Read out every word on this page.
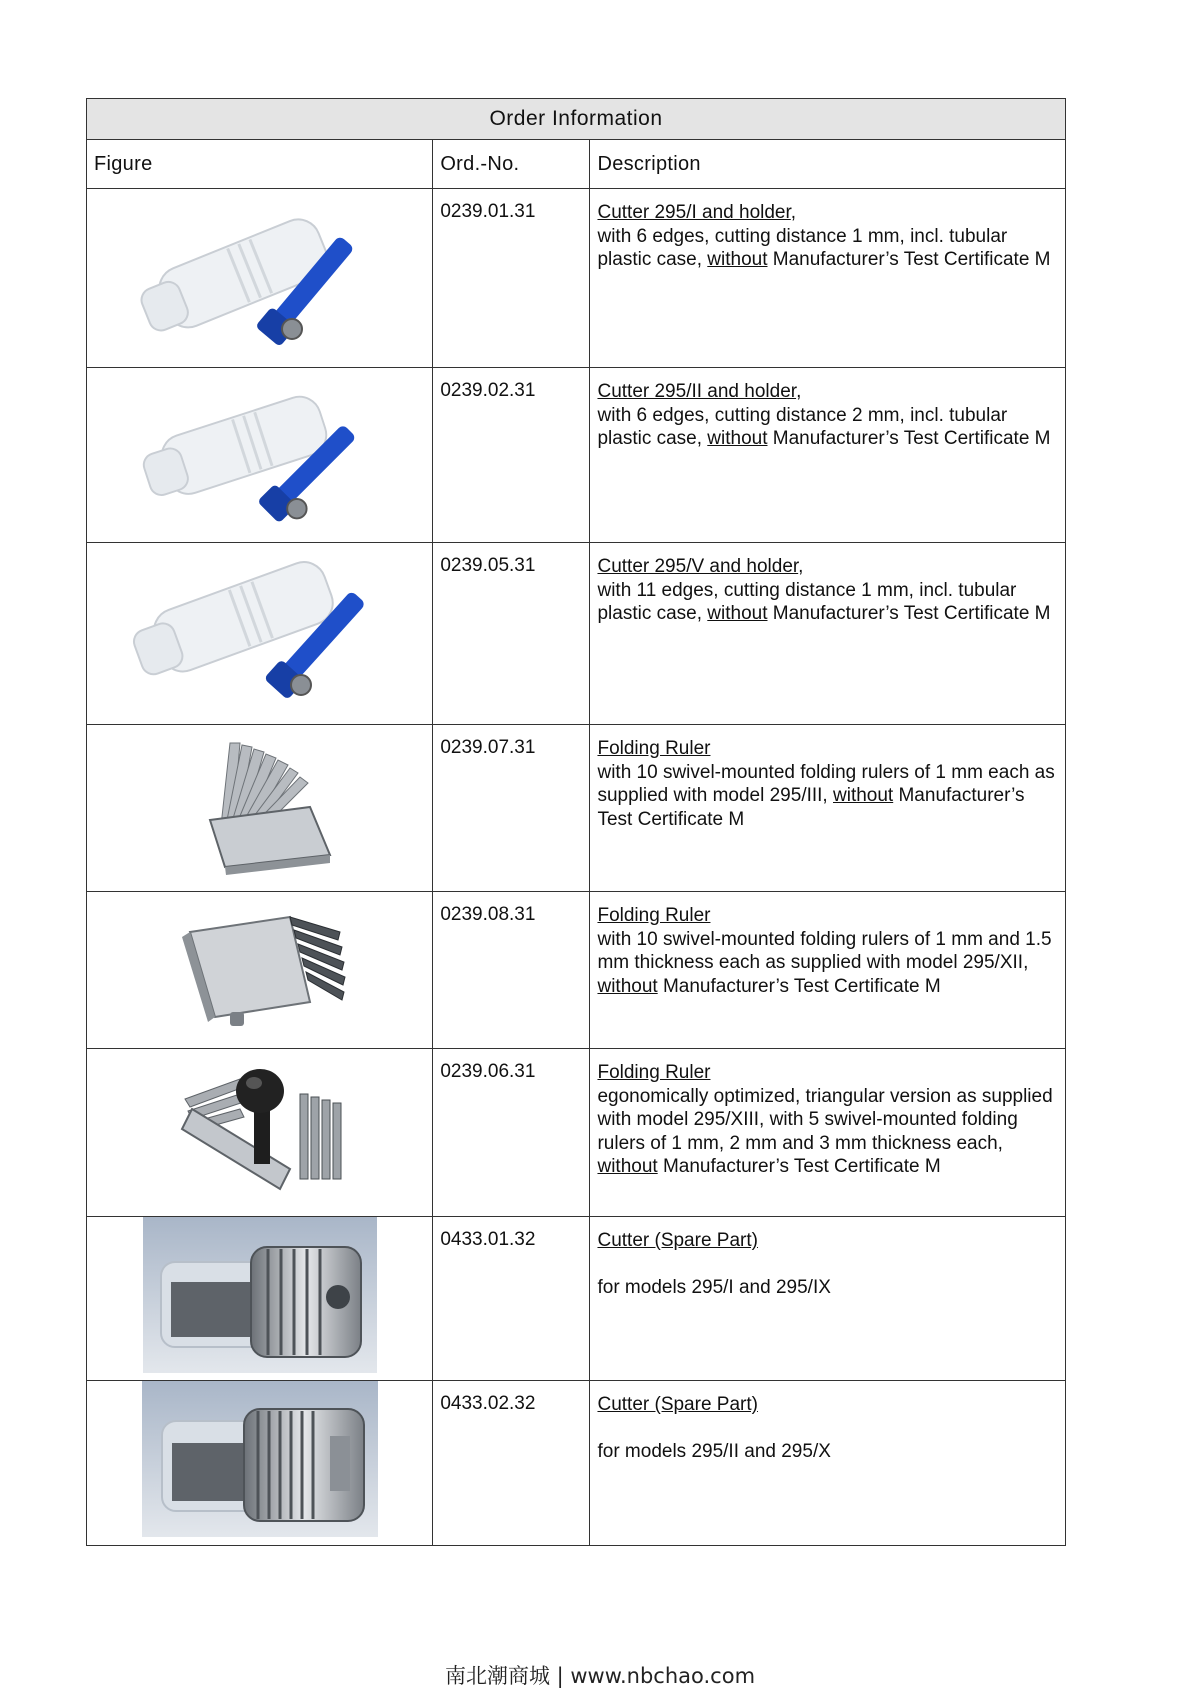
Order Information		
Figure	Ord.-No.	Description

	0239.01.31	Cutter 295/I and holder,
with 6 edges, cutting distance 1 mm, incl. tubular plastic case, without Manufacturer’s Test Certificate M

	0239.02.31	Cutter 295/II and holder,
with 6 edges, cutting distance 2 mm, incl. tubular plastic case, without Manufacturer’s Test Certificate M

	0239.05.31	Cutter 295/V and holder,
with 11 edges, cutting distance 1 mm, incl. tubular plastic case, without Manufacturer’s Test Certificate M

	0239.07.31	Folding Ruler
with 10 swivel-mounted folding rulers of 1 mm each as supplied with model 295/III, without Manufacturer’s Test Certificate M

	0239.08.31	Folding Ruler
with 10 swivel-mounted folding rulers of 1 mm and 1.5 mm thickness each as supplied with model 295/XII, without Manufacturer’s Test Certificate M

	0239.06.31	Folding Ruler
egonomically optimized, triangular version as supplied with model 295/XIII, with 5 swivel-mounted folding rulers of 1 mm, 2 mm and 3 mm thickness each, without Manufacturer’s Test Certificate M

	0433.01.32	Cutter (Spare Part)

for models 295/I and 295/IX

	0433.02.32	Cutter (Spare Part)

for models 295/II and 295/X
南北潮商城 | www.nbchao.com
